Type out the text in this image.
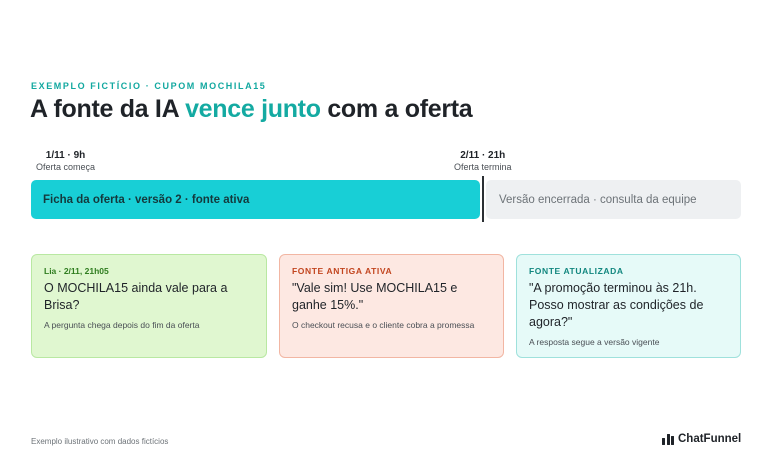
EXEMPLO FICTÍCIO · CUPOM MOCHILA15
A fonte da IA vence junto com a oferta
1/11 · 9h
Oferta começa
2/11 · 21h
Oferta termina
Ficha da oferta · versão 2 · fonte ativa	Versão encerrada · consulta da equipe
Lia · 2/11, 21h05
O MOCHILA15 ainda vale para a Brisa?
A pergunta chega depois do fim da oferta
FONTE ANTIGA ATIVA
"Vale sim! Use MOCHILA15 e ganhe 15%."
O checkout recusa e o cliente cobra a promessa
FONTE ATUALIZADA
"A promoção terminou às 21h. Posso mostrar as condições de agora?"
A resposta segue a versão vigente
Exemplo ilustrativo com dados fictícios	ChatFunnel
